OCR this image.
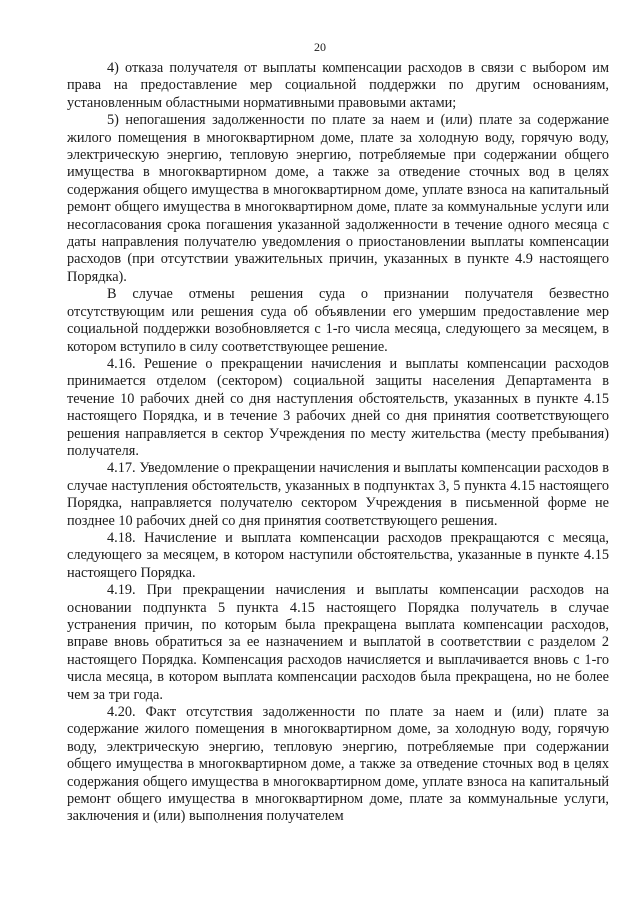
20

4) отказа получателя от выплаты компенсации расходов в связи с выбором им права на предоставление мер социальной поддержки по другим основаниям, установленным областными нормативными правовыми актами;

5) непогашения задолженности по плате за наем и (или) плате за содержание жилого помещения в многоквартирном доме, плате за холодную воду, горячую воду, электрическую энергию, тепловую энергию, потребляемые при содержании общего имущества в многоквартирном доме, а также за отведение сточных вод в целях содержания общего имущества в многоквартирном доме, уплате взноса на капитальный ремонт общего имущества в многоквартирном доме, плате за коммунальные услуги или несогласования срока погашения указанной задолженности в течение одного месяца с даты направления получателю уведомления о приостановлении выплаты компенсации расходов (при отсутствии уважительных причин, указанных в пункте 4.9 настоящего Порядка).

В случае отмены решения суда о признании получателя безвестно отсутствующим или решения суда об объявлении его умершим предоставление мер социальной поддержки возобновляется с 1-го числа месяца, следующего за месяцем, в котором вступило в силу соответствующее решение.

4.16. Решение о прекращении начисления и выплаты компенсации расходов принимается отделом (сектором) социальной защиты населения Департамента в течение 10 рабочих дней со дня наступления обстоятельств, указанных в пункте 4.15 настоящего Порядка, и в течение 3 рабочих дней со дня принятия соответствующего решения направляется в сектор Учреждения по месту жительства (месту пребывания) получателя.

4.17. Уведомление о прекращении начисления и выплаты компенсации расходов в случае наступления обстоятельств, указанных в подпунктах 3, 5 пункта 4.15 настоящего Порядка, направляется получателю сектором Учреждения в письменной форме не позднее 10 рабочих дней со дня принятия соответствующего решения.

4.18. Начисление и выплата компенсации расходов прекращаются с месяца, следующего за месяцем, в котором наступили обстоятельства, указанные в пункте 4.15 настоящего Порядка.

4.19. При прекращении начисления и выплаты компенсации расходов на основании подпункта 5 пункта 4.15 настоящего Порядка получатель в случае устранения причин, по которым была прекращена выплата компенсации расходов, вправе вновь обратиться за ее назначением и выплатой в соответствии с разделом 2 настоящего Порядка. Компенсация расходов начисляется и выплачивается вновь с 1-го числа месяца, в котором выплата компенсации расходов была прекращена, но не более чем за три года.

4.20. Факт отсутствия задолженности по плате за наем и (или) плате за содержание жилого помещения в многоквартирном доме, за холодную воду, горячую воду, электрическую энергию, тепловую энергию, потребляемые при содержании общего имущества в многоквартирном доме, а также за отведение сточных вод в целях содержания общего имущества в многоквартирном доме, уплате взноса на капитальный ремонт общего имущества в многоквартирном доме, плате за коммунальные услуги, заключения и (или) выполнения получателем
